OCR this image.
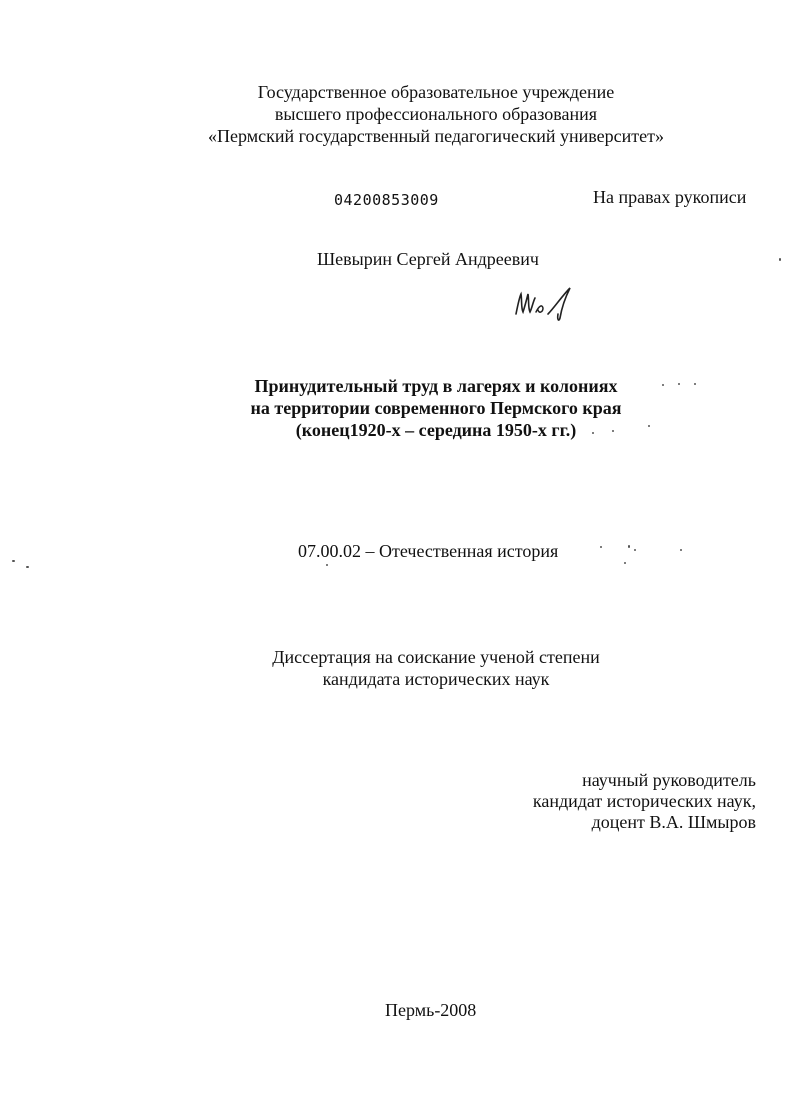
Государственное образовательное учреждение
высшего профессионального образования
«Пермский государственный педагогический университет»
04200853009	На правах рукописи
Шевырин Сергей Андреевич
Принудительный труд в лагерях и колониях
на территории современного Пермского края
(конец1920-х – середина 1950-х гг.)
07.00.02 – Отечественная история
Диссертация на соискание ученой степени
кандидата исторических наук
научный руководитель
кандидат исторических наук,
доцент В.А. Шмыров
Пермь-2008
